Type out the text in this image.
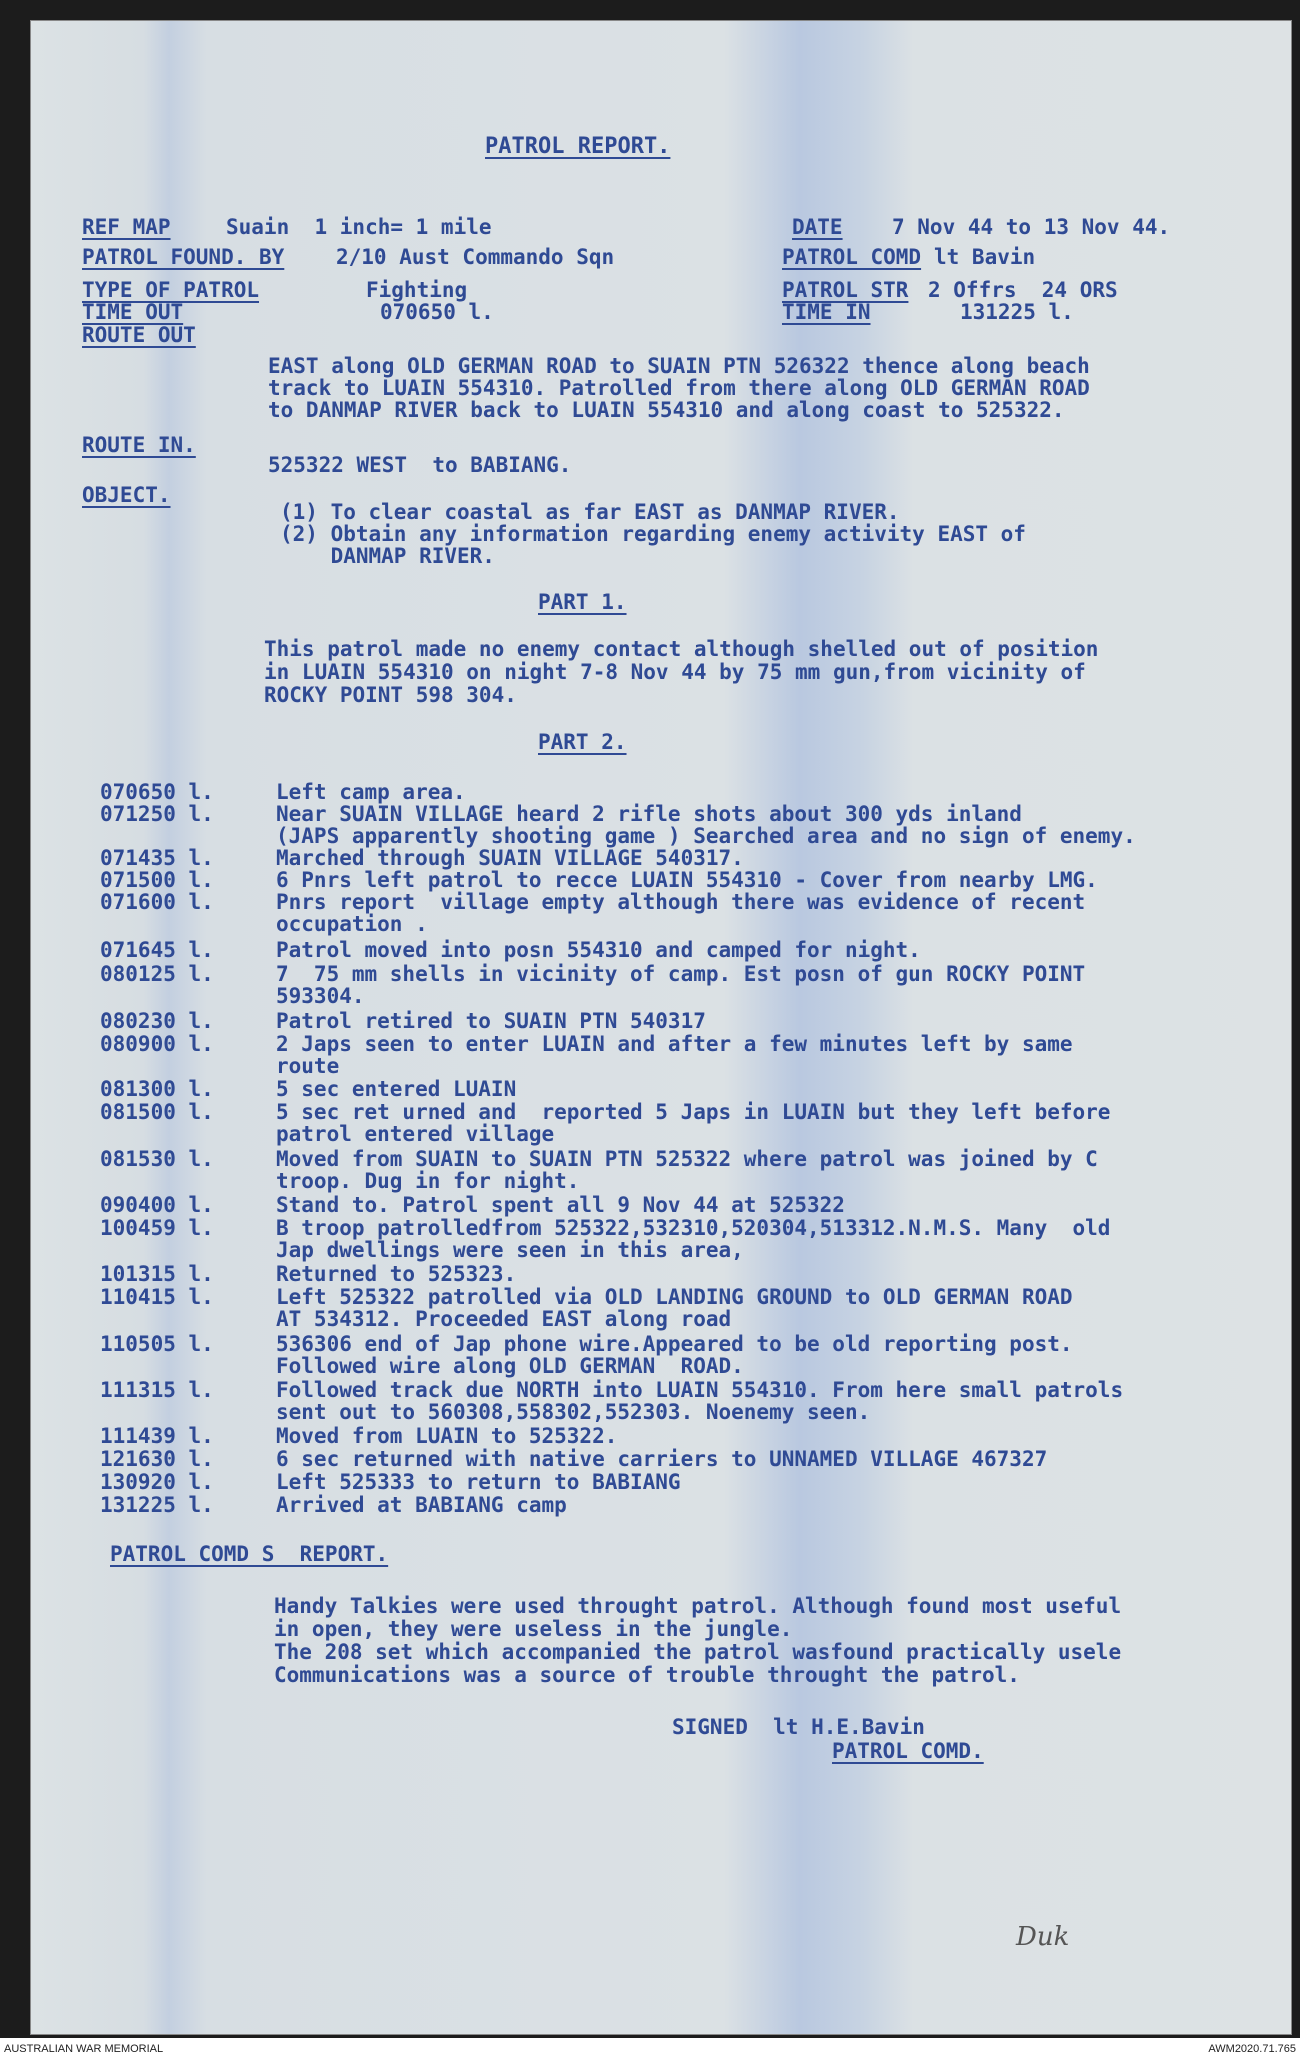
PATROL REPORT.
REF MAP	Suain  1 inch= 1 mile	DATE 7 Nov 44 to 13 Nov 44.
PATROL FOUND. BY 2/10 Aust Commando Sqn	PATROL COMD lt Bavin
TYPE OF PATROL	Fighting	PATROL STR 2 Offrs  24 ORS
TIME OUT	070650 l.	TIME IN	131225 l.
ROUTE OUT
EAST along OLD GERMAN ROAD to SUAIN PTN 526322 thence along beach
track to LUAIN 554310. Patrolled from there along OLD GERMAN ROAD
to DANMAP RIVER back to LUAIN 554310 and along coast to 525322.
ROUTE IN.
525322 WEST  to BABIANG.
OBJECT.
(1) To clear coastal as far EAST as DANMAP RIVER.
(2) Obtain any information regarding enemy activity EAST of
DANMAP RIVER.
PART 1.
This patrol made no enemy contact although shelled out of position
in LUAIN 554310 on night 7-8 Nov 44 by 75 mm gun,from vicinity of
ROCKY POINT 598 304.
PART 2.
070650 l.	Left camp area.
071250 l.	Near SUAIN VILLAGE heard 2 rifle shots about 300 yds inland
(JAPS apparently shooting game ) Searched area and no sign of enemy.
071435 l.	Marched through SUAIN VILLAGE 540317.
071500 l.	6 Pnrs left patrol to recce LUAIN 554310 - Cover from nearby LMG.
071600 l.	Pnrs report  village empty although there was evidence of recent
occupation .
071645 l.	Patrol moved into posn 554310 and camped for night.
080125 l.	7  75 mm shells in vicinity of camp. Est posn of gun ROCKY POINT
593304.
080230 l.	Patrol retired to SUAIN PTN 540317
080900 l.	2 Japs seen to enter LUAIN and after a few minutes left by same
route
081300 l.	5 sec entered LUAIN
081500 l.	5 sec ret urned and  reported 5 Japs in LUAIN but they left before
patrol entered village
081530 l.	Moved from SUAIN to SUAIN PTN 525322 where patrol was joined by C
troop. Dug in for night.
090400 l.	Stand to. Patrol spent all 9 Nov 44 at 525322
100459 l.	B troop patrolledfrom 525322,532310,520304,513312.N.M.S. Many  old
Jap dwellings were seen in this area,
101315 l.	Returned to 525323.
110415 l.	Left 525322 patrolled via OLD LANDING GROUND to OLD GERMAN ROAD
AT 534312. Proceeded EAST along road
110505 l.	536306 end of Jap phone wire.Appeared to be old reporting post.
Followed wire along OLD GERMAN  ROAD.
111315 l.	Followed track due NORTH into LUAIN 554310. From here small patrols
sent out to 560308,558302,552303. Noenemy seen.
111439 l.	Moved from LUAIN to 525322.
121630 l.	6 sec returned with native carriers to UNNAMED VILLAGE 467327
130920 l.	Left 525333 to return to BABIANG
131225 l.	Arrived at BABIANG camp
PATROL COMD S  REPORT.
Handy Talkies were used throught patrol. Although found most useful
in open, they were useless in the jungle.
The 208 set which accompanied the patrol wasfound practically usele
Communications was a source of trouble throught the patrol.
SIGNED  lt H.E.Bavin
PATROL COMD.
Duk
AUSTRALIAN WAR MEMORIAL	AWM2020.71.765
